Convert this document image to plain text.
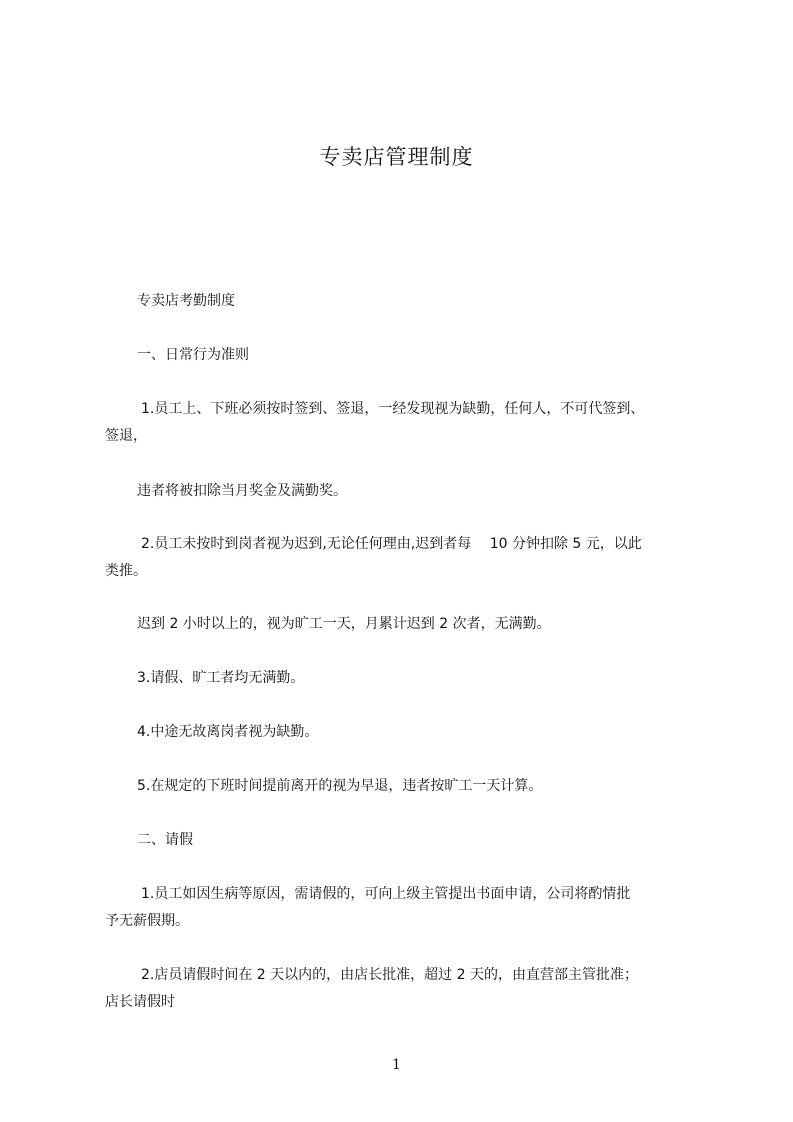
专卖店管理制度

专卖店考勤制度

一、日常行为准则

1.员工上、下班必须按时签到、签退，一经发现视为缺勤，任何人，不可代签到、

签退，

违者将被扣除当月奖金及满勤奖。

2.员工未按时到岗者视为迟到,无论任何理由,迟到者每　 10 分钟扣除 5 元，以此

类推。

迟到 2 小时以上的，视为旷工一天，月累计迟到 2 次者，无满勤。

3.请假、旷工者均无满勤。

4.中途无故离岗者视为缺勤。

5.在规定的下班时间提前离开的视为早退，违者按旷工一天计算。

二、请假

1.员工如因生病等原因，需请假的，可向上级主管提出书面申请，公司将酌情批

予无薪假期。

2.店员请假时间在 2 天以内的，由店长批准，超过 2 天的，由直营部主管批准；

店长请假时

1
